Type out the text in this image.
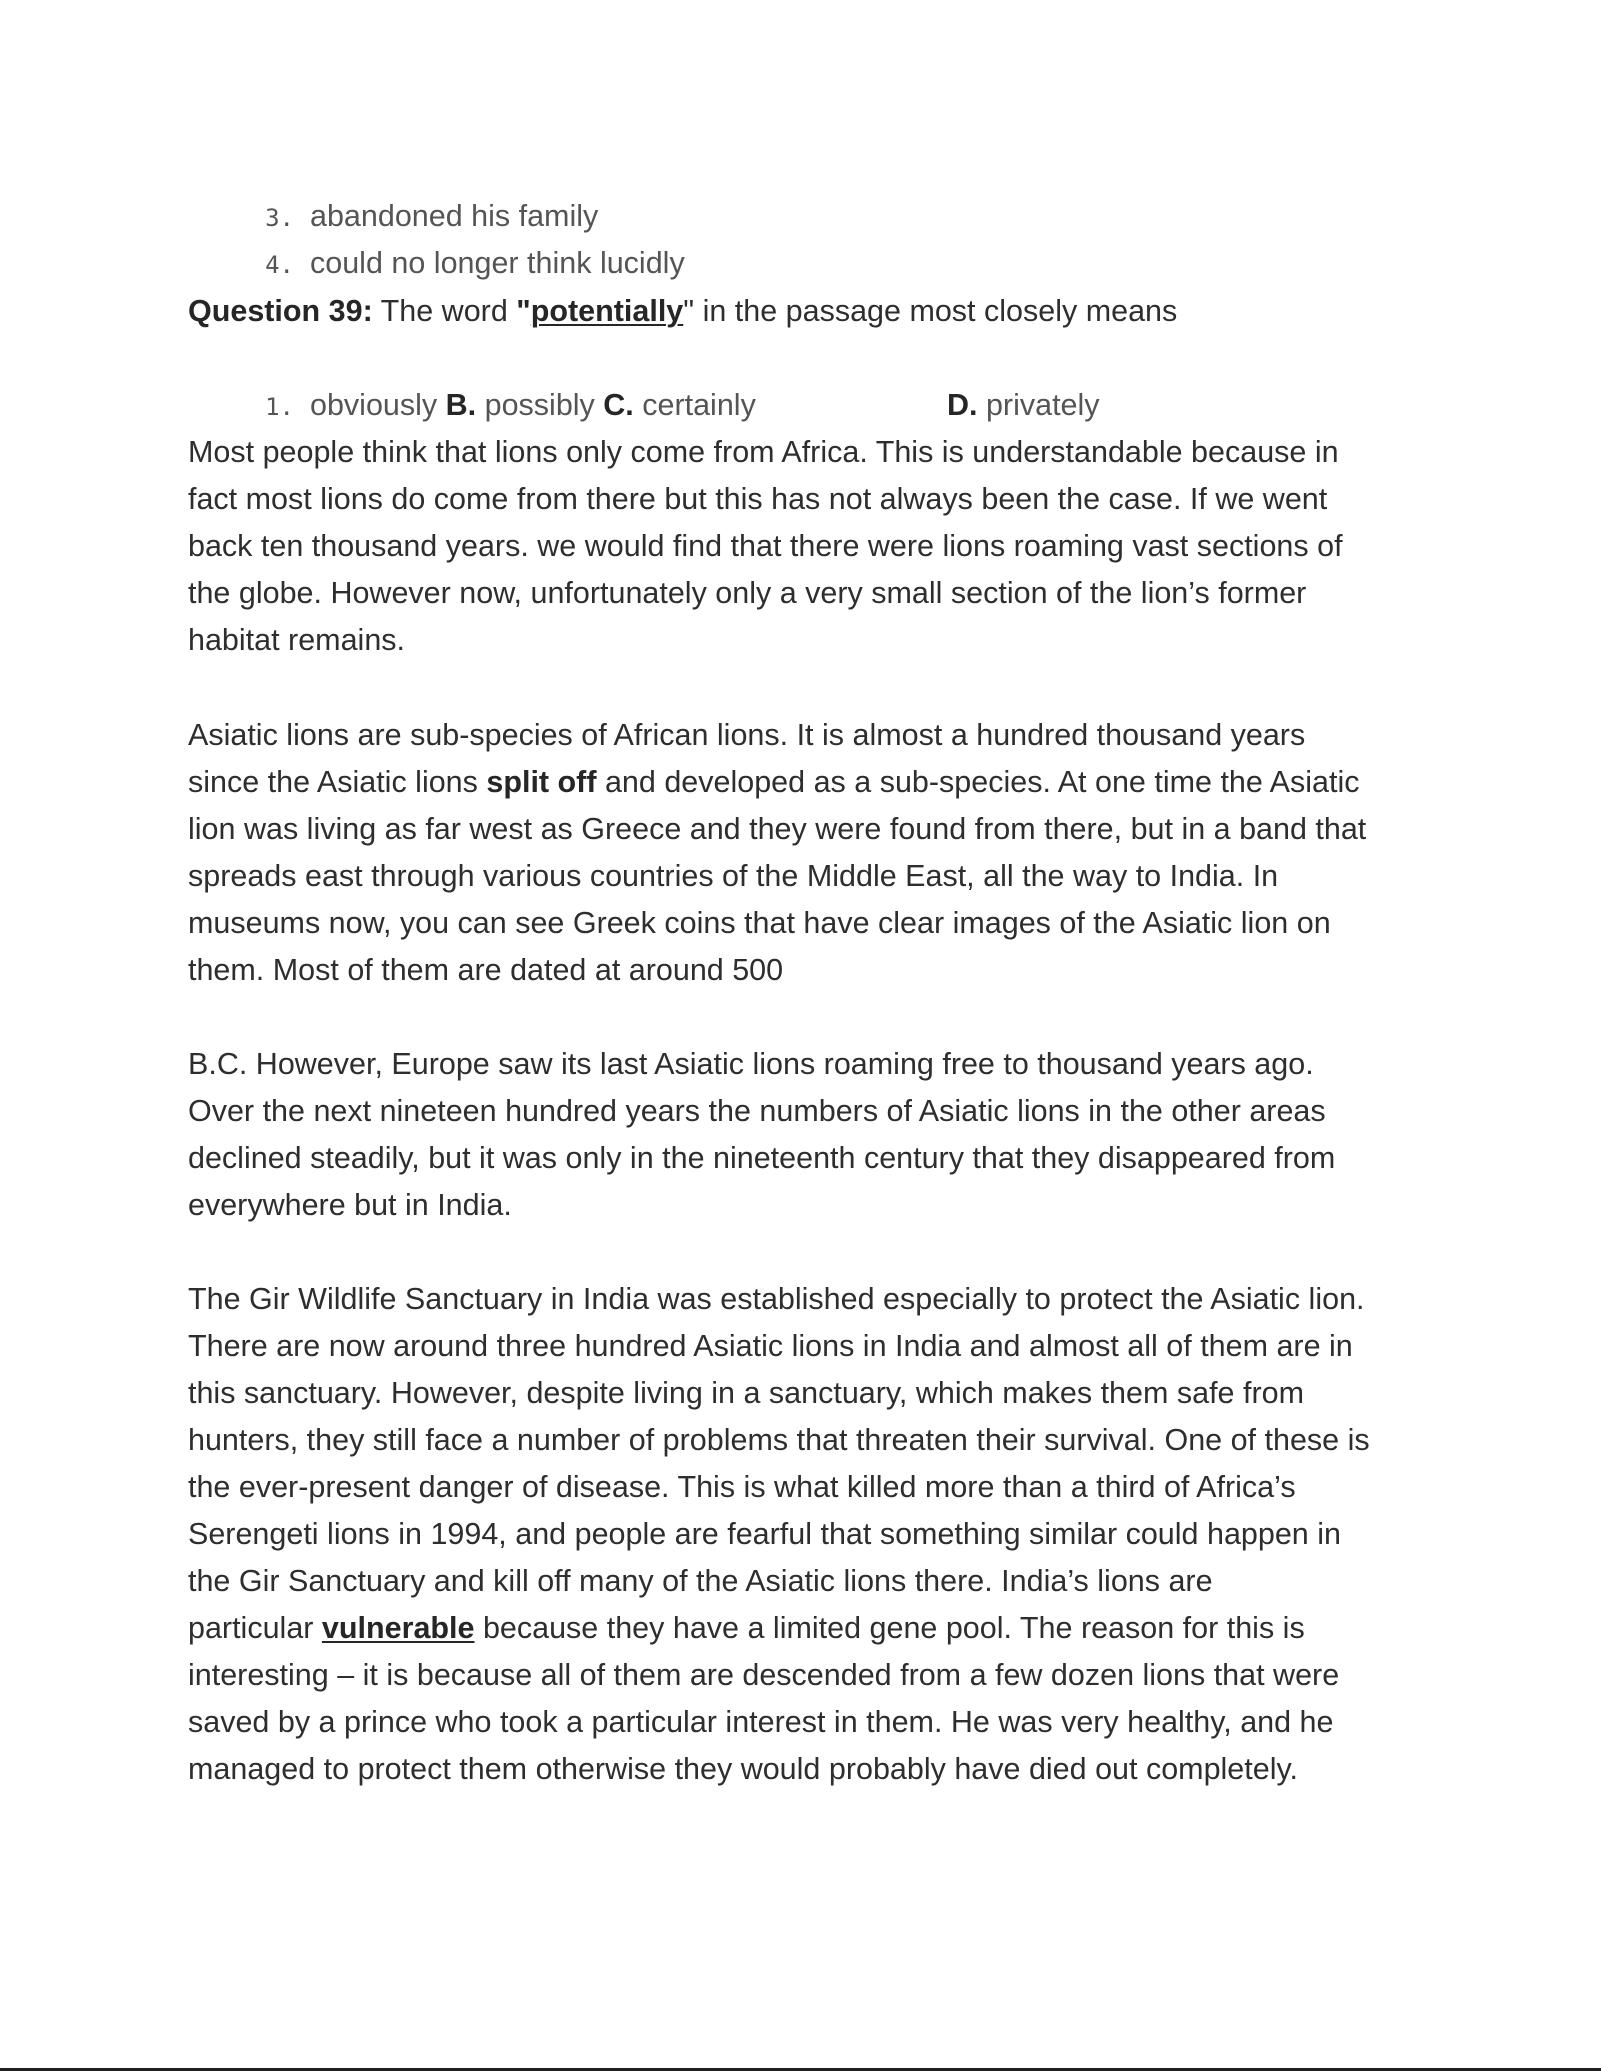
3. abandoned his family
4. could no longer think lucidly
Question 39: The word "potentially" in the passage most closely means
1. obviously B. possibly C. certainly	D. privately
Most people think that lions only come from Africa. This is understandable because in
fact most lions do come from there but this has not always been the case. If we went
back ten thousand years. we would find that there were lions roaming vast sections of
the globe. However now, unfortunately only a very small section of the lion’s former
habitat remains.
Asiatic lions are sub-species of African lions. It is almost a hundred thousand years
since the Asiatic lions split off and developed as a sub-species. At one time the Asiatic
lion was living as far west as Greece and they were found from there, but in a band that
spreads east through various countries of the Middle East, all the way to India. In
museums now, you can see Greek coins that have clear images of the Asiatic lion on
them. Most of them are dated at around 500
B.C. However, Europe saw its last Asiatic lions roaming free to thousand years ago.
Over the next nineteen hundred years the numbers of Asiatic lions in the other areas
declined steadily, but it was only in the nineteenth century that they disappeared from
everywhere but in India.
The Gir Wildlife Sanctuary in India was established especially to protect the Asiatic lion.
There are now around three hundred Asiatic lions in India and almost all of them are in
this sanctuary. However, despite living in a sanctuary, which makes them safe from
hunters, they still face a number of problems that threaten their survival. One of these is
the ever-present danger of disease. This is what killed more than a third of Africa’s
Serengeti lions in 1994, and people are fearful that something similar could happen in
the Gir Sanctuary and kill off many of the Asiatic lions there. India’s lions are
particular vulnerable because they have a limited gene pool. The reason for this is
interesting – it is because all of them are descended from a few dozen lions that were
saved by a prince who took a particular interest in them. He was very healthy, and he
managed to protect them otherwise they would probably have died out completely.
